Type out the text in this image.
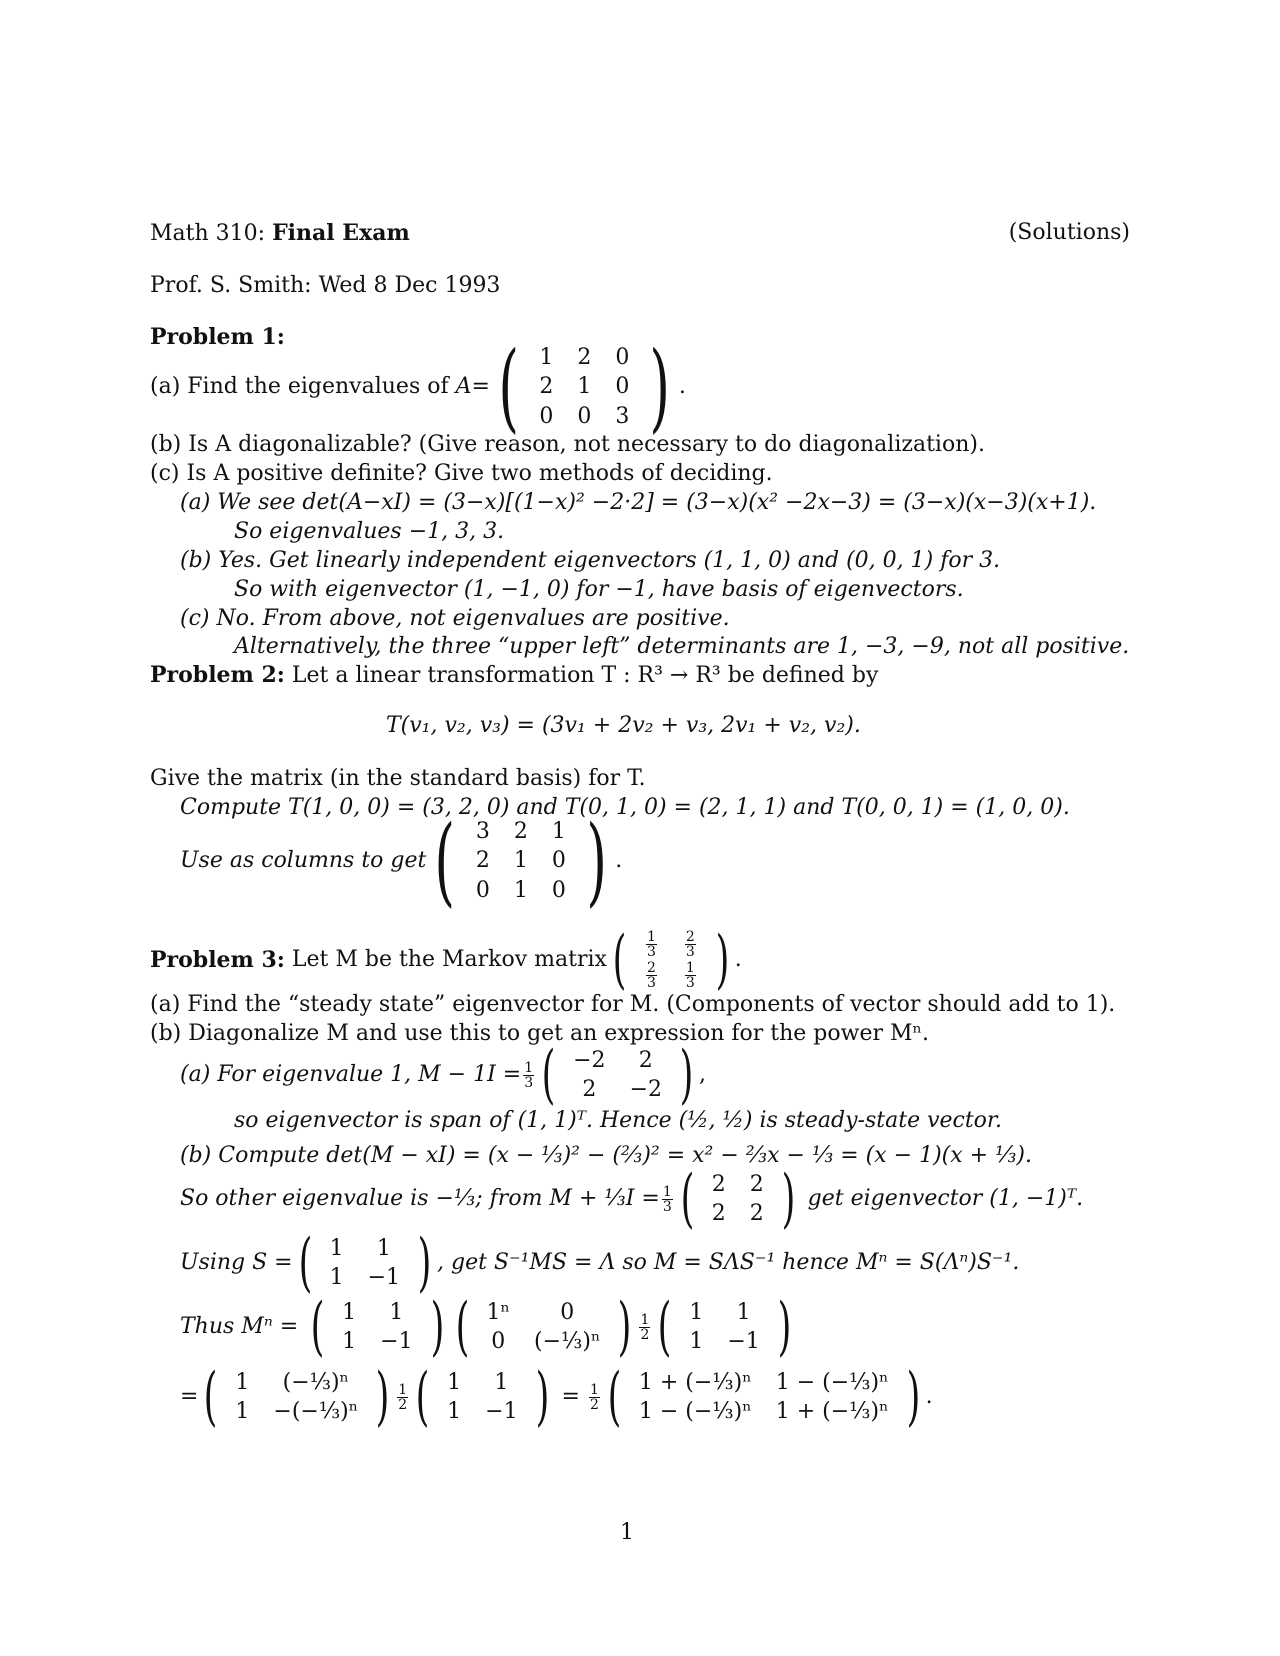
Math 310: Final Exam	(Solutions)
Prof. S. Smith: Wed 8 Dec 1993
Problem 1:
(a) Find the eigenvalues of
A = ( 1	2	0
2	1	0
0	0	3 ) .
(b) Is A diagonalizable? (Give reason, not necessary to do diagonalization).
(c) Is A positive definite? Give two methods of deciding.
(a) We see det(A−xI) = (3−x)[(1−x)² −2·2] = (3−x)(x² −2x−3) = (3−x)(x−3)(x+1).
So eigenvalues −1, 3, 3.
(b) Yes. Get linearly independent eigenvectors (1, 1, 0) and (0, 0, 1) for 3.
So with eigenvector (1, −1, 0) for −1, have basis of eigenvectors.
(c) No. From above, not eigenvalues are positive.
Alternatively, the three “upper left” determinants are 1, −3, −9, not all positive.
Problem 2: Let a linear transformation T : R³ → R³ be defined by
T(v₁, v₂, v₃) = (3v₁ + 2v₂ + v₃, 2v₁ + v₂, v₂).
Give the matrix (in the standard basis) for T.
Compute T(1, 0, 0) = (3, 2, 0) and T(0, 1, 0) = (2, 1, 1) and T(0, 0, 1) = (1, 0, 0).
Use as columns to get ( 3	2	1
2	1	0
0	1	0 ) .
Problem 3:
Let M be the Markov matrix ( $\frac{1}{3}$	$\frac{2}{3}$

$\frac{2}{3}$	$\frac{1}{3}$ ) .
(a) Find the “steady state” eigenvector for M. (Components of vector should add to 1).
(b) Diagonalize M and use this to get an expression for the power Mⁿ.
(a) For eigenvalue 1, $M - 1I = \frac{1}{3}$ ( −2	2
2	−2 ) ,
so eigenvector is span of (1, 1)ᵀ. Hence (½, ½) is steady-state vector.
(b) Compute det(M − xI) = (x − ⅓)² − (⅔)² = x² − ⅔x − ⅓ = (x − 1)(x + ⅓).
So other eigenvalue is −⅓; from M + ⅓I = $\frac{1}{3}$ ( 2	2
2	2 )
get eigenvector (1, −1)ᵀ.
Using S = ( 1	1
1	−1 ) , get S⁻¹MS = Λ so M = SΛS⁻¹ hence Mⁿ = S(Λⁿ)S⁻¹.
Thus Mⁿ =
( 1	1
1	−1 ) ( 1ⁿ	0
0	(−⅓)ⁿ ) $\frac{1}{2}$ ( 1	1
1	−1 )
= ( 1	(−⅓)ⁿ
1	−(−⅓)ⁿ ) $\frac{1}{2}$ ( 1	1
1	−1 )
=
$\frac{1}{2}$ ( 1 + (−⅓)ⁿ	1 − (−⅓)ⁿ
1 − (−⅓)ⁿ	1 + (−⅓)ⁿ ) .
1
